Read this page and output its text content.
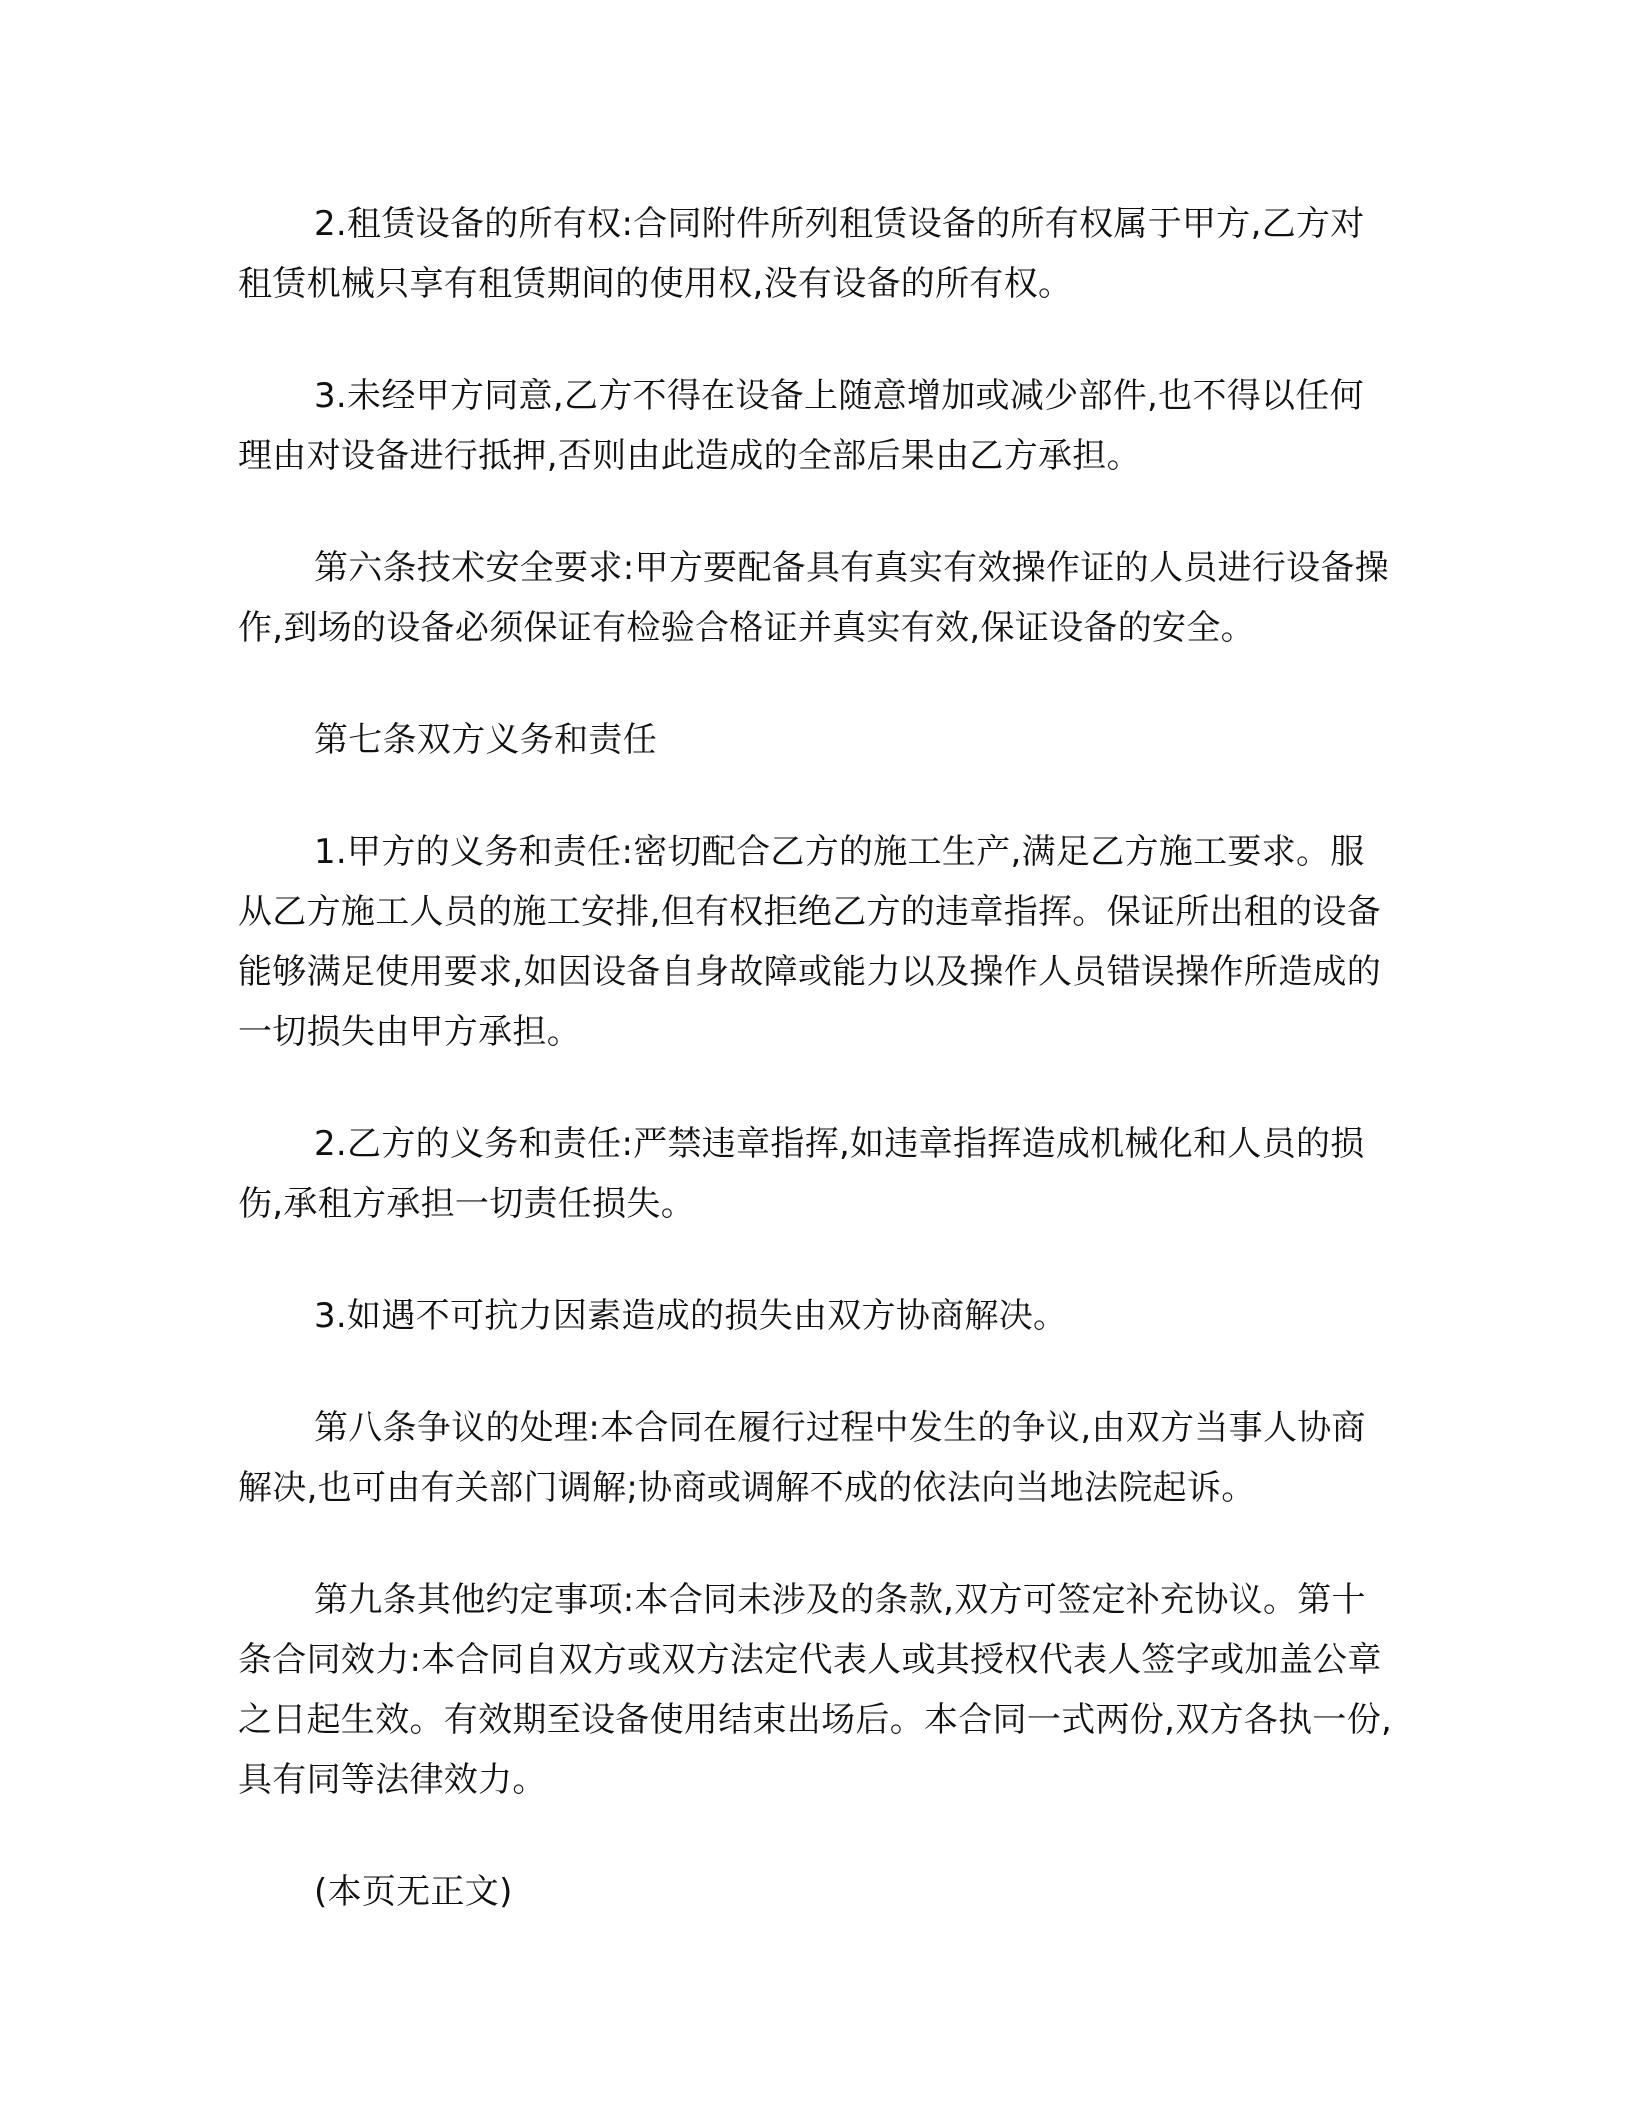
2.租赁设备的所有权:合同附件所列租赁设备的所有权属于甲方,乙方对租赁机械只享有租赁期间的使用权,没有设备的所有权。

3.未经甲方同意,乙方不得在设备上随意增加或减少部件,也不得以任何理由对设备进行抵押,否则由此造成的全部后果由乙方承担。

第六条技术安全要求:甲方要配备具有真实有效操作证的人员进行设备操作,到场的设备必须保证有检验合格证并真实有效,保证设备的安全。

第七条双方义务和责任

1.甲方的义务和责任:密切配合乙方的施工生产,满足乙方施工要求。服从乙方施工人员的施工安排,但有权拒绝乙方的违章指挥。保证所出租的设备能够满足使用要求,如因设备自身故障或能力以及操作人员错误操作所造成的一切损失由甲方承担。

2.乙方的义务和责任:严禁违章指挥,如违章指挥造成机械化和人员的损伤,承租方承担一切责任损失。

3.如遇不可抗力因素造成的损失由双方协商解决。

第八条争议的处理:本合同在履行过程中发生的争议,由双方当事人协商解决,也可由有关部门调解;协商或调解不成的依法向当地法院起诉。

第九条其他约定事项:本合同未涉及的条款,双方可签定补充协议。第十条合同效力:本合同自双方或双方法定代表人或其授权代表人签字或加盖公章之日起生效。有效期至设备使用结束出场后。本合同一式两份,双方各执一份,具有同等法律效力。

(本页无正文)
